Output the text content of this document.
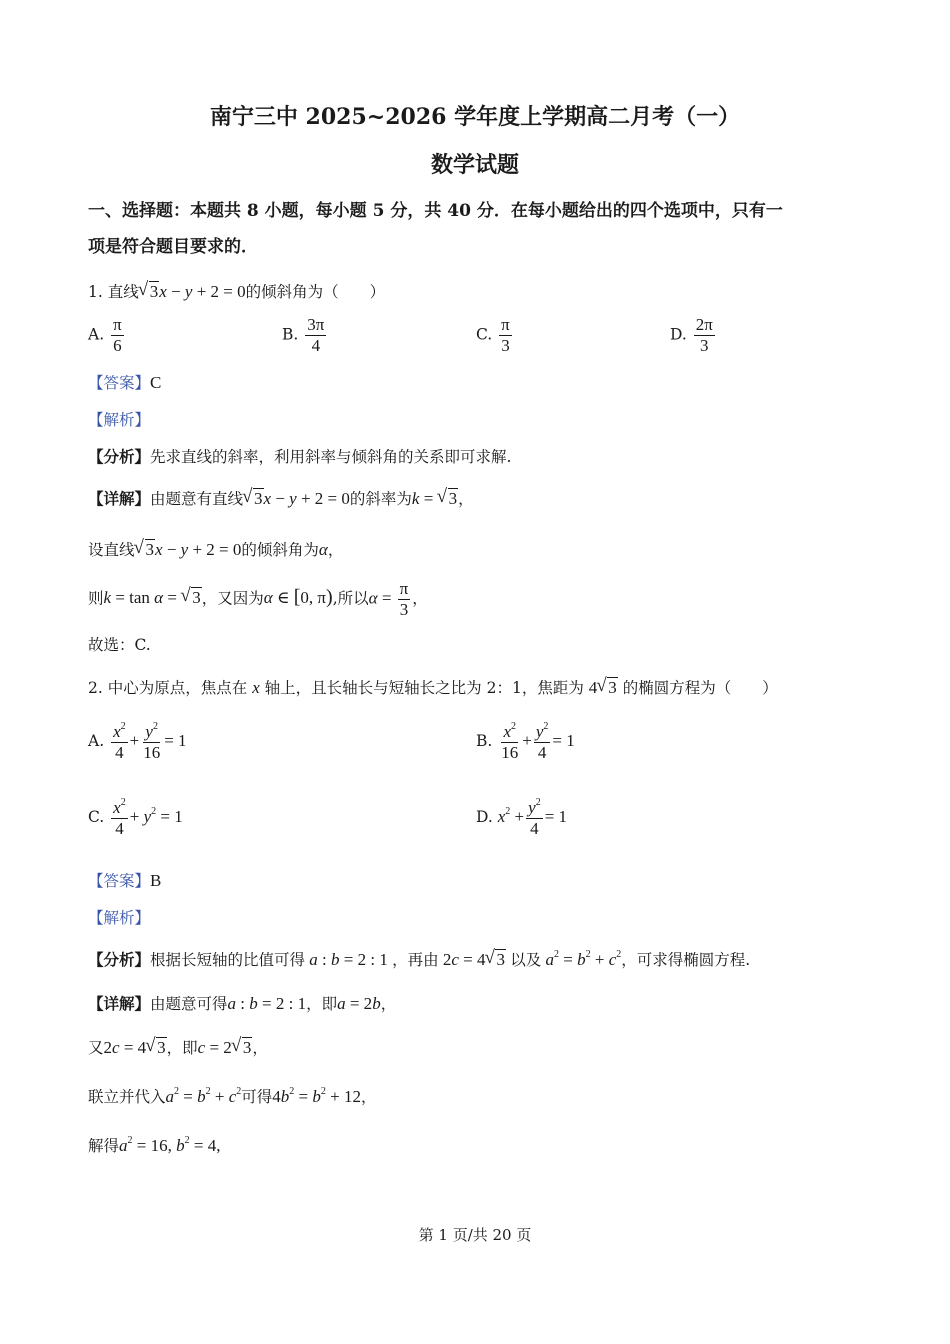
南宁三中 2025~2026 学年度上学期高二月考（一）
数学试题
一、选择题：本题共 8 小题，每小题 5 分，共 40 分．在每小题给出的四个选项中，只有一
项是符合题目要求的．
1. 直线 √ 3x − y + 2 = 0的倾斜角为（　　）
A. $\frac{\pi}{6}$	B. $\frac{3\pi}{4}$	C. $\frac{\pi}{3}$	D. $\frac{2\pi}{3}$
【答案】C
【解析】
【分析】先求直线的斜率，利用斜率与倾斜角的关系即可求解.
【详解】由题意有直线 √ 3x − y + 2 = 0的斜率为k = √ 3，
设直线 √ 3x − y + 2 = 0的倾斜角为α，
则k = tan α = √ 3，又因为α ∈ [0, π),所以$\alpha = \frac{\pi}{3}$ ，
故选：C.
2. 中心为原点，焦点在 x 轴上，且长轴长与短轴长之比为 2：1，焦距为 4 √ 3 的椭圆方程为（　　）
A. $\frac{x^2}{4} + \frac{y^2}{16} = 1$	B. $\frac{x^2}{16} + \frac{y^2}{4} = 1$
C. $\frac{x^2}{4} + y^2 = 1$	D. $x^2 + \frac{y^2}{4} = 1$
【答案】B
【解析】
【分析】根据长短轴的比值可得 a : b = 2 : 1 ，再由 2c = 4 √ 3 以及 $a^2 = b^2 + c^2$，可求得椭圆方程.
【详解】由题意可得a : b = 2 : 1，即a = 2b，
又2c = 4 √ 3，即c = 2 √ 3，
联立并代入$a^2 = b^2 + c^2$可得$4b^2 = b^2 + 12$，
解得$a^2 = 16$, $b^2 = 4$,
第 1 页/共 20 页
